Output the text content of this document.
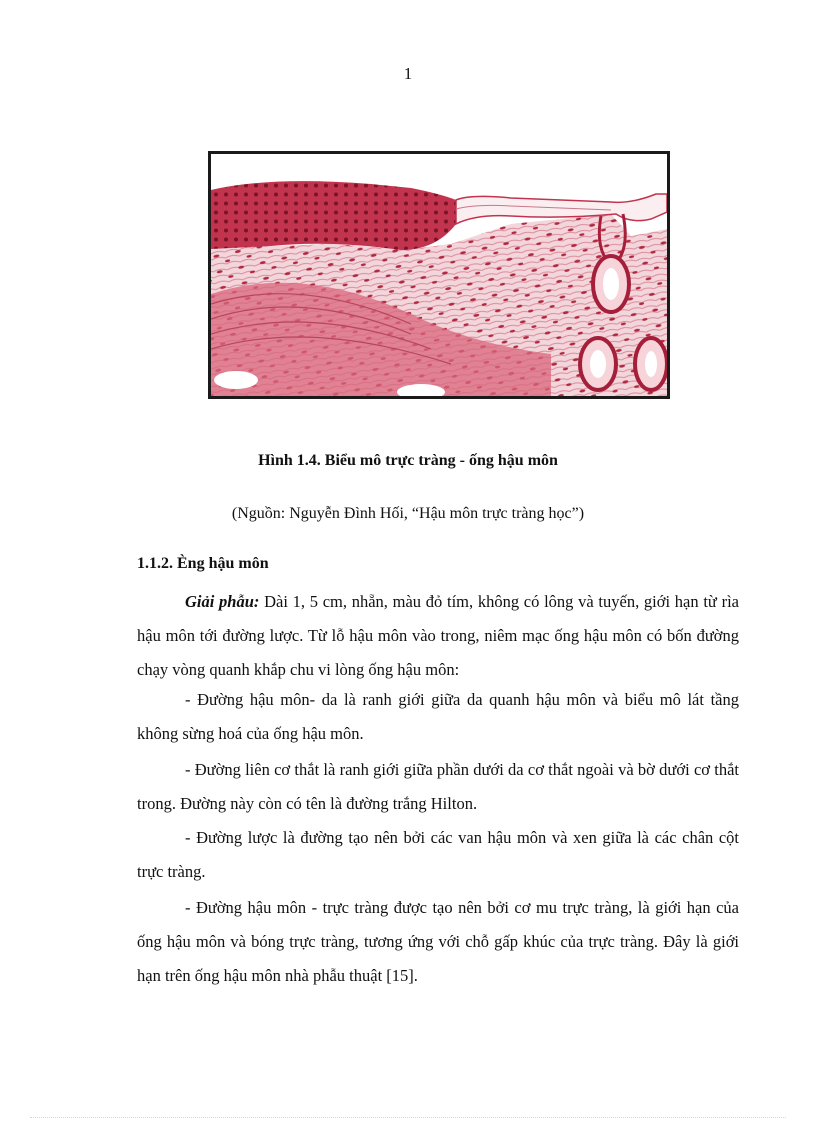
1
Hình 1.4. Biểu mô trực tràng - ống hậu môn
(Nguồn: Nguyễn Đình Hối, “Hậu môn trực tràng học”)
1.1.2. Èng hậu môn

Giải phẫu: Dài 1, 5 cm, nhẵn, màu đỏ tím, không có lông và tuyến, giới hạn từ rìa hậu môn tới đường lược. Từ lỗ hậu môn vào trong, niêm mạc ống hậu môn có bốn đường chạy vòng quanh khắp chu vi lòng ống hậu môn:

- Đường hậu môn- da là ranh giới giữa da quanh hậu môn và biểu mô lát tầng không sừng hoá của ống hậu môn.

- Đường liên cơ thắt là ranh giới giữa phần dưới da cơ thắt ngoài và bờ dưới cơ thắt trong. Đường này còn có tên là đường trắng Hilton.

- Đường lược là đường tạo nên bởi các van hậu môn và xen giữa là các chân cột trực tràng.

- Đường hậu môn - trực tràng được tạo nên bởi cơ mu trực tràng, là giới hạn của ống hậu môn và bóng trực tràng, tương ứng với chỗ gấp khúc của trực tràng. Đây là giới hạn trên ống hậu môn nhà phẫu thuật [15].
